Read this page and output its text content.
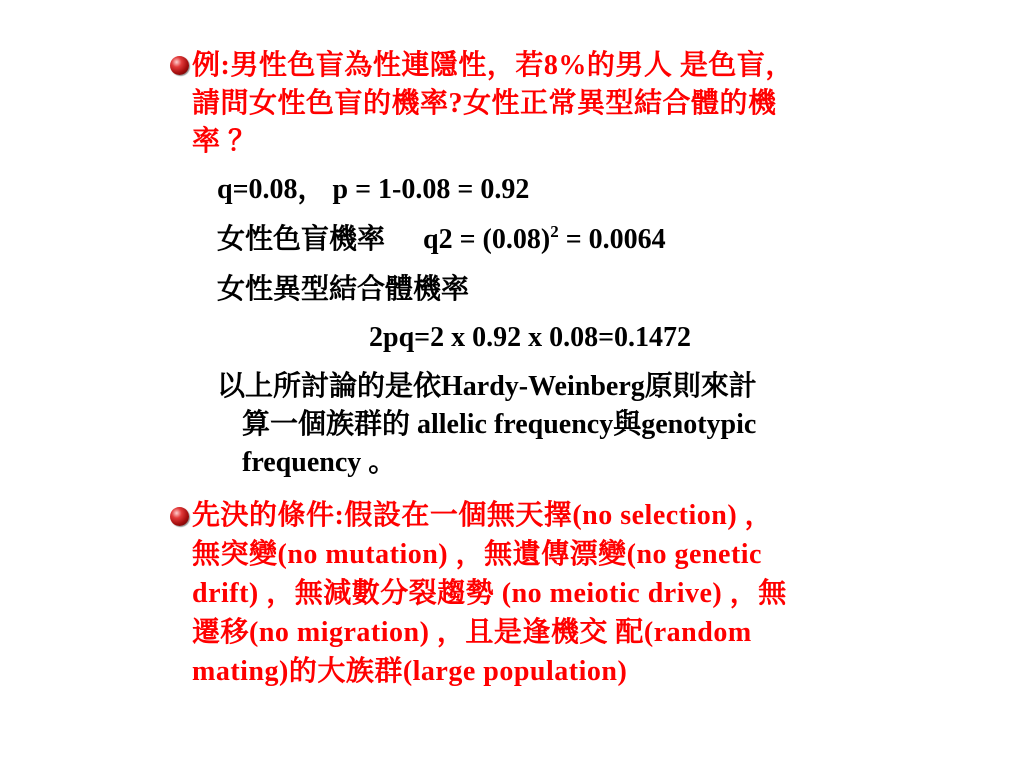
例:男性色盲為性連隱性，若8%的男人 是色盲，
請問女性色盲的機率?女性正常異型結合體的機
率 ？
q=0.08， p = 1-0.08 = 0.92
女性色盲機率 $q2 = (0.08)^2 = 0.0064$
女性異型結合體機率
2pq=2 x 0.92 x 0.08=0.1472
以上所討論的是依Hardy-Weinberg原則來計
算一個族群的 allelic frequency與genotypic
frequency 。
先決的條件:假設在一個無天擇(no selection) ，
無突變(no mutation) ，無遺傳漂變(no genetic
drift) ，無減數分裂趨勢 (no meiotic drive) ，無
遷移(no migration) ，且是逢機交 配(random
mating)的大族群(large population)
